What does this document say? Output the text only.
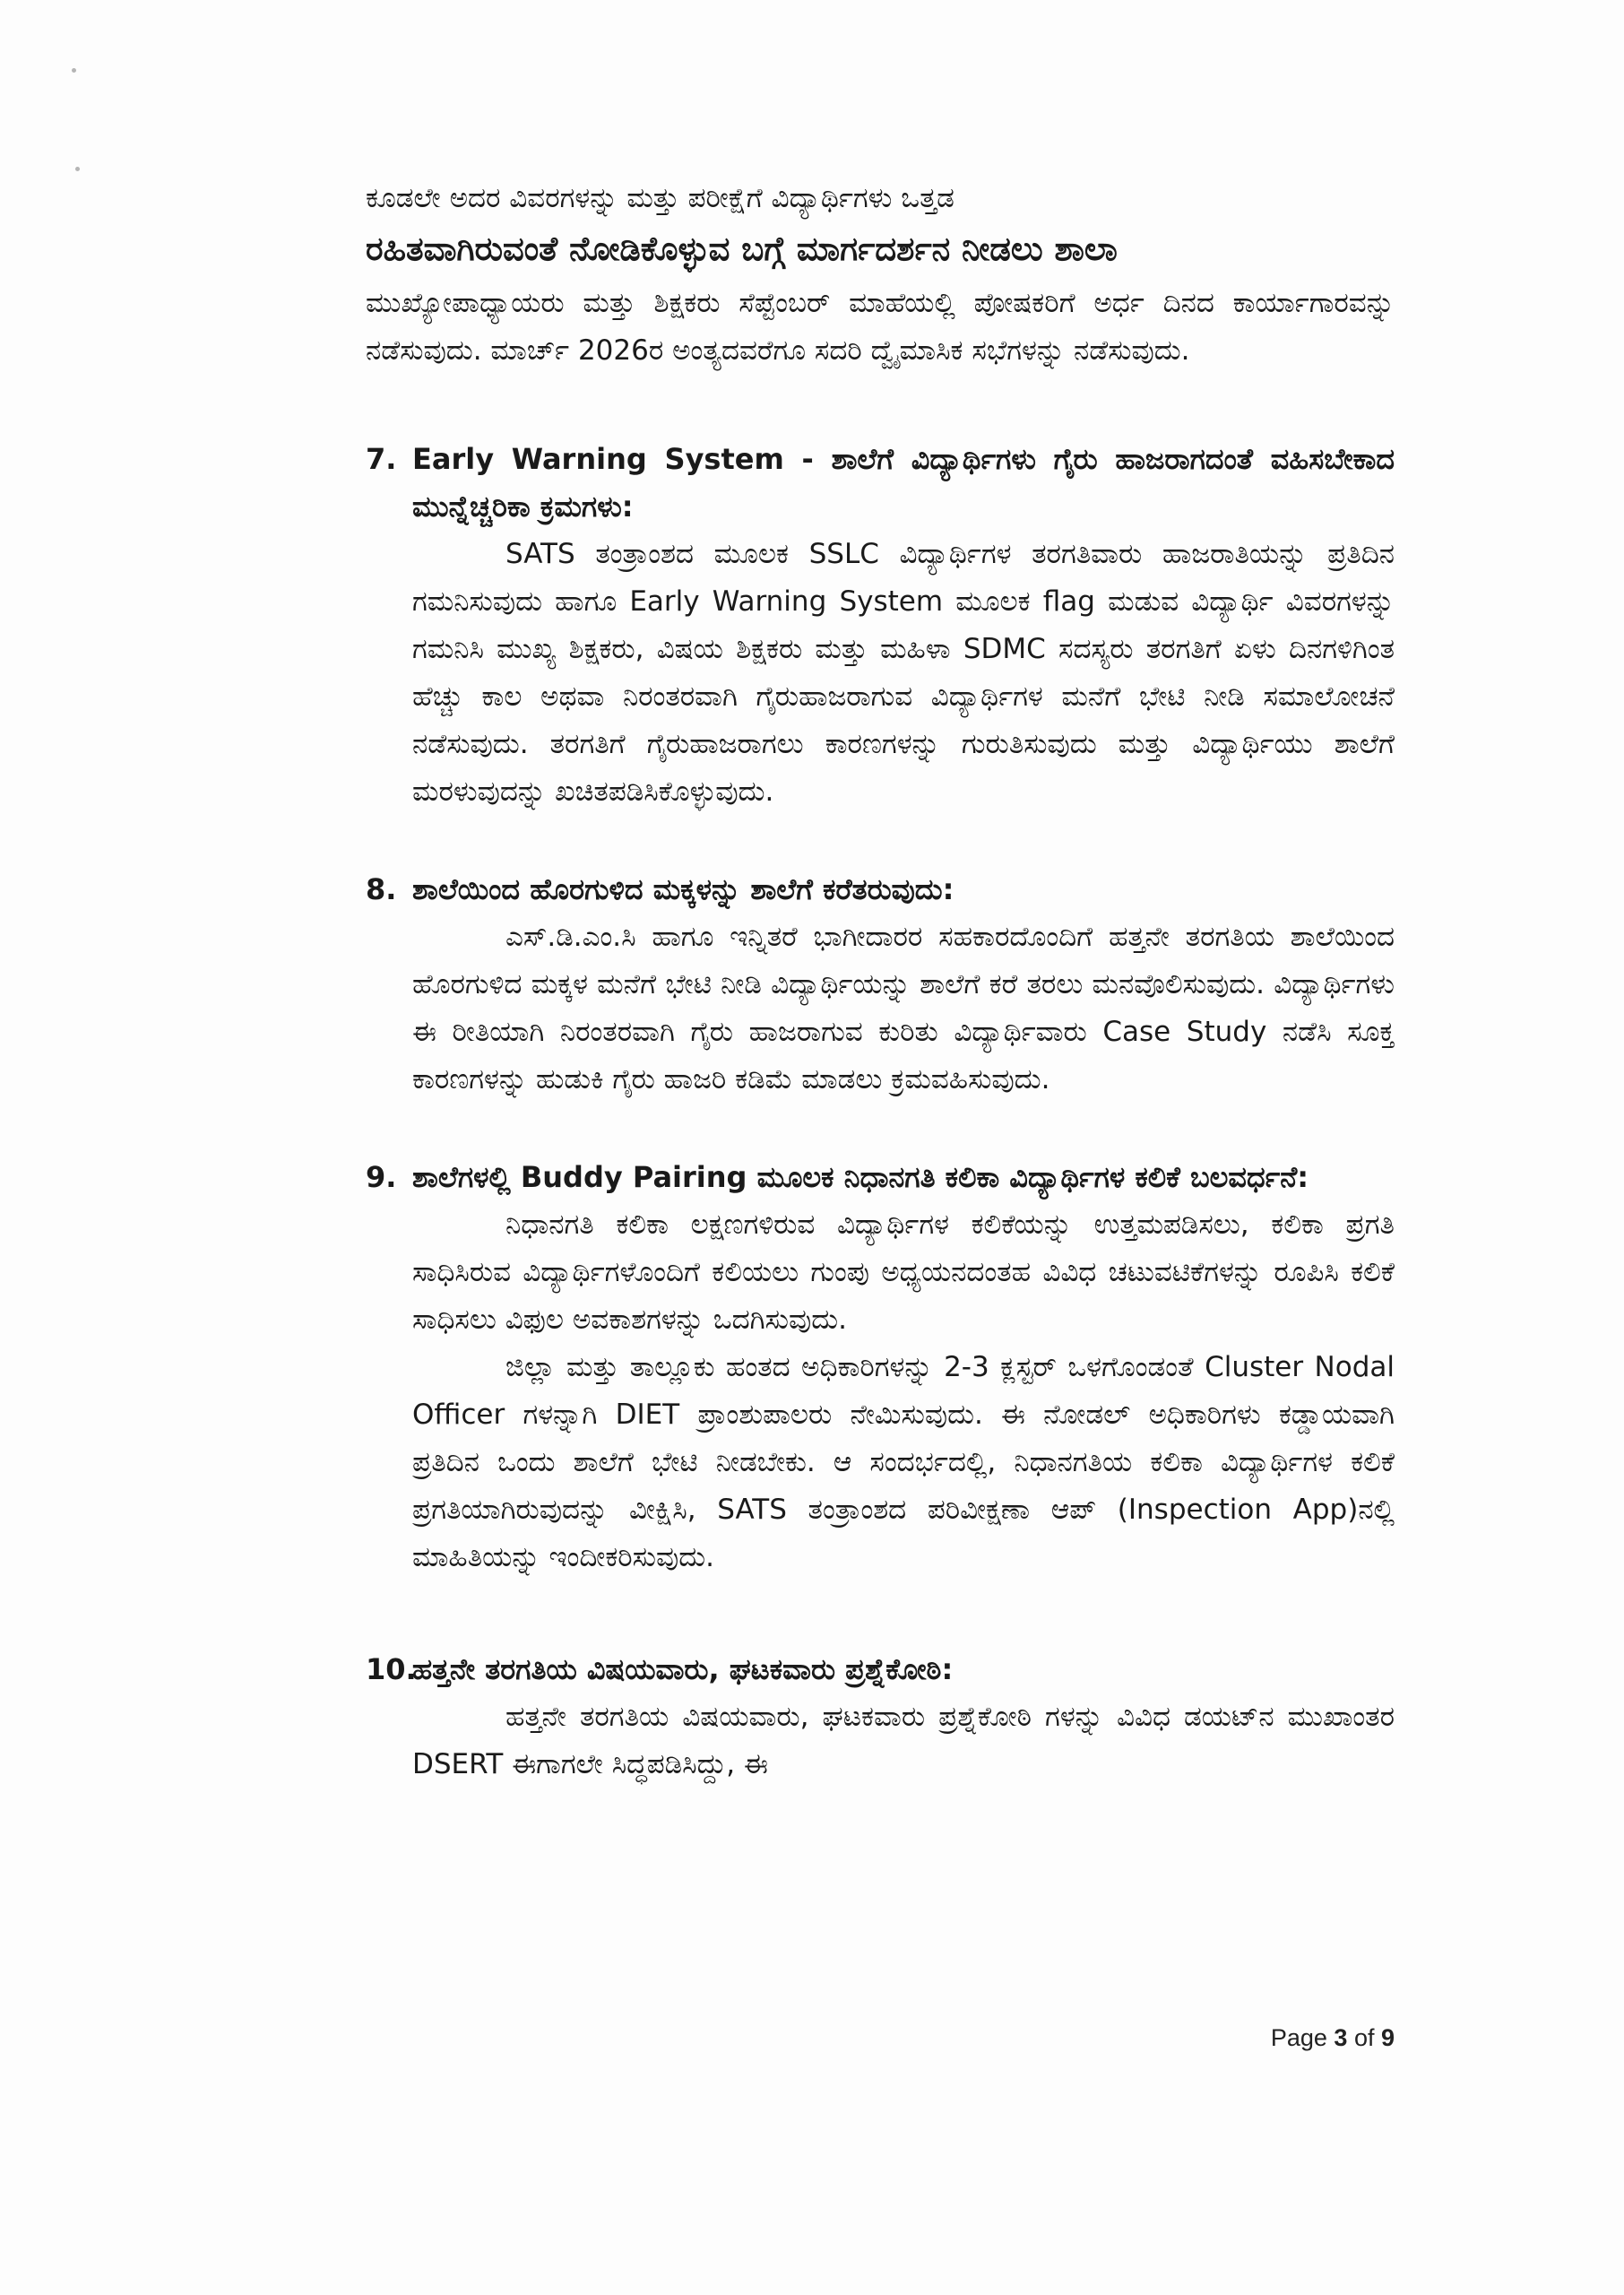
ಕೂಡಲೇ ಅದರ ವಿವರಗಳನ್ನು ಮತ್ತು ಪರೀಕ್ಷೆಗೆ ವಿದ್ಯಾರ್ಥಿಗಳು ಒತ್ತಡ

ರಹಿತವಾಗಿರುವಂತೆ ನೋಡಿಕೊಳ್ಳುವ ಬಗ್ಗೆ ಮಾರ್ಗದರ್ಶನ ನೀಡಲು ಶಾಲಾ

ಮುಖ್ಯೋಪಾಧ್ಯಾಯರು ಮತ್ತು ಶಿಕ್ಷಕರು ಸೆಪ್ಟೆಂಬರ್ ಮಾಹೆಯಲ್ಲಿ ಪೋಷಕರಿಗೆ ಅರ್ಧ ದಿನದ ಕಾರ್ಯಾಗಾರವನ್ನು ನಡೆಸುವುದು. ಮಾರ್ಚ್ 2026ರ ಅಂತ್ಯದವರೆಗೂ ಸದರಿ ದ್ವೈಮಾಸಿಕ ಸಭೆಗಳನ್ನು ನಡೆಸುವುದು.

7. Early Warning System - ಶಾಲೆಗೆ ವಿದ್ಯಾರ್ಥಿಗಳು ಗೈರು ಹಾಜರಾಗದಂತೆ ವಹಿಸಬೇಕಾದ ಮುನ್ನೆಚ್ಚರಿಕಾ ಕ್ರಮಗಳು:

SATS ತಂತ್ರಾಂಶದ ಮೂಲಕ SSLC ವಿದ್ಯಾರ್ಥಿಗಳ ತರಗತಿವಾರು ಹಾಜರಾತಿಯನ್ನು ಪ್ರತಿದಿನ ಗಮನಿಸುವುದು ಹಾಗೂ Early Warning System ಮೂಲಕ flag ಮಡುವ ವಿದ್ಯಾರ್ಥಿ ವಿವರಗಳನ್ನು ಗಮನಿಸಿ ಮುಖ್ಯ ಶಿಕ್ಷಕರು, ವಿಷಯ ಶಿಕ್ಷಕರು ಮತ್ತು ಮಹಿಳಾ SDMC ಸದಸ್ಯರು ತರಗತಿಗೆ ಏಳು ದಿನಗಳಿಗಿಂತ ಹೆಚ್ಚು ಕಾಲ ಅಥವಾ ನಿರಂತರವಾಗಿ ಗೈರುಹಾಜರಾಗುವ ವಿದ್ಯಾರ್ಥಿಗಳ ಮನೆಗೆ ಭೇಟಿ ನೀಡಿ ಸಮಾಲೋಚನೆ ನಡೆಸುವುದು. ತರಗತಿಗೆ ಗೈರುಹಾಜರಾಗಲು ಕಾರಣಗಳನ್ನು ಗುರುತಿಸುವುದು ಮತ್ತು ವಿದ್ಯಾರ್ಥಿಯು ಶಾಲೆಗೆ ಮರಳುವುದನ್ನು ಖಚಿತಪಡಿಸಿಕೊಳ್ಳುವುದು.

8. ಶಾಲೆಯಿಂದ ಹೊರಗುಳಿದ ಮಕ್ಕಳನ್ನು ಶಾಲೆಗೆ ಕರೆತರುವುದು:

ಎಸ್.ಡಿ.ಎಂ.ಸಿ ಹಾಗೂ ಇನ್ನಿತರೆ ಭಾಗೀದಾರರ ಸಹಕಾರದೊಂದಿಗೆ ಹತ್ತನೇ ತರಗತಿಯ ಶಾಲೆಯಿಂದ ಹೊರಗುಳಿದ ಮಕ್ಕಳ ಮನೆಗೆ ಭೇಟಿ ನೀಡಿ ವಿದ್ಯಾರ್ಥಿಯನ್ನು ಶಾಲೆಗೆ ಕರೆ ತರಲು ಮನವೊಲಿಸುವುದು. ವಿದ್ಯಾರ್ಥಿಗಳು ಈ ರೀತಿಯಾಗಿ ನಿರಂತರವಾಗಿ ಗೈರು ಹಾಜರಾಗುವ ಕುರಿತು ವಿದ್ಯಾರ್ಥಿವಾರು Case Study ನಡೆಸಿ ಸೂಕ್ತ ಕಾರಣಗಳನ್ನು ಹುಡುಕಿ ಗೈರು ಹಾಜರಿ ಕಡಿಮೆ ಮಾಡಲು ಕ್ರಮವಹಿಸುವುದು.

9. ಶಾಲೆಗಳಲ್ಲಿ Buddy Pairing ಮೂಲಕ ನಿಧಾನಗತಿ ಕಲಿಕಾ ವಿದ್ಯಾರ್ಥಿಗಳ ಕಲಿಕೆ ಬಲವರ್ಧನೆ:

ನಿಧಾನಗತಿ ಕಲಿಕಾ ಲಕ್ಷಣಗಳಿರುವ ವಿದ್ಯಾರ್ಥಿಗಳ ಕಲಿಕೆಯನ್ನು ಉತ್ತಮಪಡಿಸಲು, ಕಲಿಕಾ ಪ್ರಗತಿ ಸಾಧಿಸಿರುವ ವಿದ್ಯಾರ್ಥಿಗಳೊಂದಿಗೆ ಕಲಿಯಲು ಗುಂಪು ಅಧ್ಯಯನದಂತಹ ವಿವಿಧ ಚಟುವಟಿಕೆಗಳನ್ನು ರೂಪಿಸಿ ಕಲಿಕೆ ಸಾಧಿಸಲು ವಿಫುಲ ಅವಕಾಶಗಳನ್ನು ಒದಗಿಸುವುದು.

ಜಿಲ್ಲಾ ಮತ್ತು ತಾಲ್ಲೂಕು ಹಂತದ ಅಧಿಕಾರಿಗಳನ್ನು 2-3 ಕ್ಲಸ್ಟರ್ ಒಳಗೊಂಡಂತೆ Cluster Nodal Officer ಗಳನ್ನಾಗಿ DIET ಪ್ರಾಂಶುಪಾಲರು ನೇಮಿಸುವುದು. ಈ ನೋಡಲ್ ಅಧಿಕಾರಿಗಳು ಕಡ್ಡಾಯವಾಗಿ ಪ್ರತಿದಿನ ಒಂದು ಶಾಲೆಗೆ ಭೇಟಿ ನೀಡಬೇಕು. ಆ ಸಂದರ್ಭದಲ್ಲಿ, ನಿಧಾನಗತಿಯ ಕಲಿಕಾ ವಿದ್ಯಾರ್ಥಿಗಳ ಕಲಿಕೆ ಪ್ರಗತಿಯಾಗಿರುವುದನ್ನು ವೀಕ್ಷಿಸಿ, SATS ತಂತ್ರಾಂಶದ ಪರಿವೀಕ್ಷಣಾ ಆಪ್ (Inspection App)ನಲ್ಲಿ ಮಾಹಿತಿಯನ್ನು ಇಂದೀಕರಿಸುವುದು.

10.
ಹತ್ತನೇ ತರಗತಿಯ ವಿಷಯವಾರು, ಘಟಕವಾರು ಪ್ರಶ್ನೆಕೋಠಿ:

ಹತ್ತನೇ ತರಗತಿಯ ವಿಷಯವಾರು, ಘಟಕವಾರು ಪ್ರಶ್ನೆಕೋಠಿ ಗಳನ್ನು ವಿವಿಧ ಡಯಟ್‌ನ ಮುಖಾಂತರ DSERT ಈಗಾಗಲೇ ಸಿದ್ಧಪಡಿಸಿದ್ದು, ಈ

Page 3 of 9
